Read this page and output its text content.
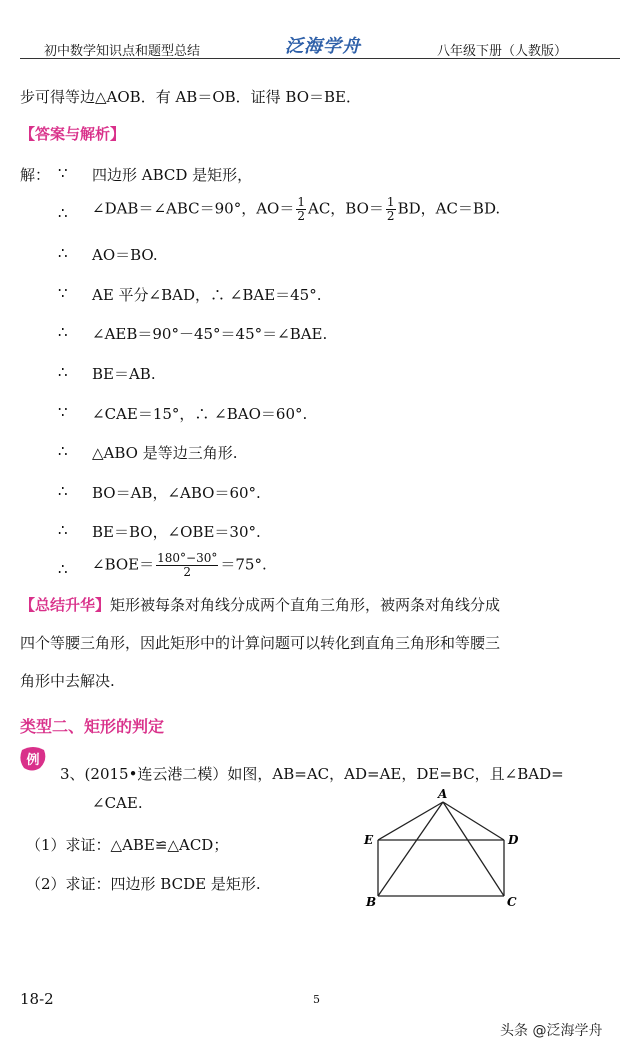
初中数学知识点和题型总结	泛海学舟	八年级下册（人教版）
步可得等边△AOB．有 AB＝OB．证得 BO＝BE．
【答案与解析】
解： ∵ 四边形 ABCD 是矩形，
∴ ∠DAB＝∠ABC＝90°，$AO= \frac{1}{2}$ AC，$BO= \frac{1}{2}$ BD，AC＝BD.
∴ AO＝BO.
∵ AE 平分∠BAD，∴ ∠BAE＝45°.
∴ ∠AEB＝90°－45°＝45°＝∠BAE.
∴ BE＝AB.
∵ ∠CAE＝15°，∴ ∠BAO＝60°.
∴ △ABO 是等边三角形.
∴ BO＝AB，∠ABO＝60°.
∴ BE＝BO，∠OBE＝30°.
∴ ∠BOE＝ $\frac{180^\circ-30^\circ}{2} =75^\circ$.
【总结升华】矩形被每条对角线分成两个直角三角形，被两条对角线分成
四个等腰三角形，因此矩形中的计算问题可以转化到直角三角形和等腰三
角形中去解决.
类型二、矩形的判定
例
3、(2015•连云港二模）如图，AB=AC，AD=AE，DE=BC，且∠BAD=
∠CAE.
（1）求证：△ABE≌△ACD；
（2）求证：四边形 BCDE 是矩形.
A
E	D
B	C
18-2	5
头条 @泛海学舟
